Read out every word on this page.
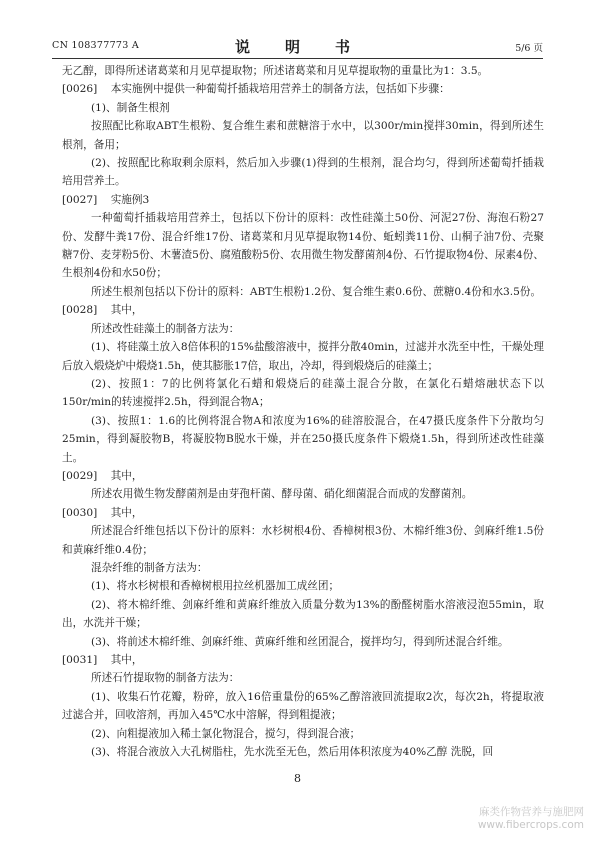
CN 108377773 A	说　明　书	5/6 页

无乙醇，即得所述诸葛菜和月见草提取物；所述诸葛菜和月见草提取物的重量比为1：3.5。

[0026] 本实施例中提供一种葡萄扦插栽培用营养土的制备方法，包括如下步骤：

(1)、制备生根剂

按照配比称取ABT生根粉、复合维生素和蔗糖溶于水中，以300r/min搅拌30min，得到所述生根剂，备用；

(2)、按照配比称取剩余原料，然后加入步骤(1)得到的生根剂，混合均匀，得到所述葡萄扦插栽培用营养土。

[0027] 实施例3

一种葡萄扦插栽培用营养土，包括以下份计的原料：改性硅藻土50份、河泥27份、海泡石粉27份、发酵牛粪17份、混合纤维17份、诸葛菜和月见草提取物14份、蚯蚓粪11份、山桐子油7份、壳聚糖7份、麦芽粉5份、木薯渣5份、腐殖酸粉5份、农用微生物发酵菌剂4份、石竹提取物4份、尿素4份、生根剂4份和水50份；

所述生根剂包括以下份计的原料：ABT生根粉1.2份、复合维生素0.6份、蔗糖0.4份和水3.5份。

[0028] 其中，

所述改性硅藻土的制备方法为：

(1)、将硅藻土放入8倍体积的15%盐酸溶液中，搅拌分散40min，过滤并水洗至中性，干燥处理后放入煅烧炉中煅烧1.5h，使其膨胀17倍，取出，冷却，得到煅烧后的硅藻土；

(2)、按照1：7的比例将氯化石蜡和煅烧后的硅藻土混合分散，在氯化石蜡熔融状态下以150r/min的转速搅拌2.5h，得到混合物A；

(3)、按照1：1.6的比例将混合物A和浓度为16%的硅溶胶混合，在47摄氏度条件下分散均匀25min，得到凝胶物B，将凝胶物B脱水干燥，并在250摄氏度条件下煅烧1.5h，得到所述改性硅藻土。

[0029] 其中，

所述农用微生物发酵菌剂是由芽孢杆菌、酵母菌、硝化细菌混合而成的发酵菌剂。

[0030] 其中，

所述混合纤维包括以下份计的原料：水杉树根4份、香樟树根3份、木棉纤维3份、剑麻纤维1.5份和黄麻纤维0.4份；

混杂纤维的制备方法为：

(1)、将水杉树根和香樟树根用拉丝机器加工成丝团；

(2)、将木棉纤维、剑麻纤维和黄麻纤维放入质量分数为13%的酚醛树脂水溶液浸泡55min，取出，水洗并干燥；

(3)、将前述木棉纤维、剑麻纤维、黄麻纤维和丝团混合，搅拌均匀，得到所述混合纤维。

[0031] 其中，

所述石竹提取物的制备方法为：

(1)、收集石竹花瓣，粉碎，放入16倍重量份的65%乙醇溶液回流提取2次，每次2h，将提取液过滤合并，回收溶剂，再加入45℃水中溶解，得到粗提液；

(2)、向粗提液加入稀土氯化物混合，搅匀，得到混合液；

(3)、将混合液放入大孔树脂柱，先水洗至无色，然后用体积浓度为40%乙醇 洗脱，回

8
麻类作物营养与施肥网
www.fibercrops.com
